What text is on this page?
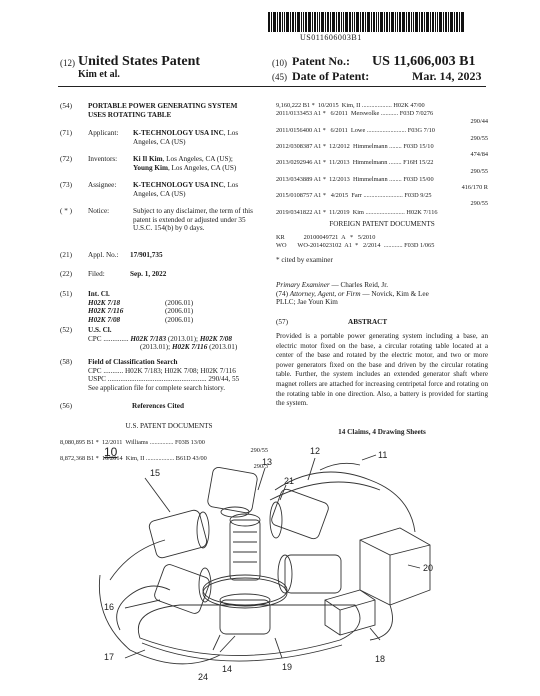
US011606003B1
(12) United States Patent
Kim et al.
(10) Patent No.: US 11,606,003 B1
(45) Date of Patent:	Mar. 14, 2023
(54)	PORTABLE POWER GENERATING SYSTEM
USES ROTATING TABLE
(71)	Applicant: K-TECHNOLOGY USA INC, Los
Angeles, CA (US)
(72)	Inventors: Ki Il Kim, Los Angeles, CA (US);
Young Kim, Los Angeles, CA (US)
(73)	Assignee: K-TECHNOLOGY USA INC, Los
Angeles, CA (US)
( * )	Notice:	Subject to any disclaimer, the term of this
patent is extended or adjusted under 35
U.S.C. 154(b) by 0 days.
(21)	Appl. No.: 17/901,735
(22)	Filed:	Sep. 1, 2022
(51)	Int. Cl.
H02K 7/18	(2006.01)
H02K 7/116	(2006.01)
H02K 7/08	(2006.01)
(52)	U.S. Cl.
CPC .............. H02K 7/183 (2013.01); H02K 7/08
(2013.01); H02K 7/116 (2013.01)
(58)	Field of Classification Search
CPC ........... H02K 7/183; H02K 7/08; H02K 7/116
USPC ....................................................... 290/44, 55
See application file for complete search history.
(56)	References Cited
U.S. PATENT DOCUMENTS
8,080,895 B1 *  12/2011  Williams ............... F03B 13/00
290/55
8,872,368 B1 *  10/2014  Kim, II .................. B61D 43/00
290/3
9,160,222 B1 *  10/2015  Kim, II ................... H02K 47/00
2011/0133453 A1 *   6/2011  Merswolke ........... F03D 7/0276
290/44
2011/0156400 A1 *   6/2011  Lowe ......................... F03G 7/10
290/55
2012/0308387 A1 *  12/2012  Himmelmann ........ F03D 15/10
474/84
2013/0292946 A1 *  11/2013  Himmelmann ........ F16H 15/22
290/55
2013/0343889 A1 *  12/2013  Himmelmann ........ F03D 15/00
416/170 R
2015/0108757 A1 *   4/2015  Farr ......................... F03D 9/25
290/55
2019/0341822 A1 *  11/2019  Kim ......................... H02K 7/116
FOREIGN PATENT DOCUMENTS
KR            20100049721  A   *   5/2010
WO       WO-2014023102  A1  *   2/2014  ............ F03D 1/065
* cited by examiner
Primary Examiner — Charles Reid, Jr.
(74) Attorney, Agent, or Firm — Novick, Kim & Lee
PLLC; Jae Youn Kim
(57)	ABSTRACT
Provided is a portable power generating system including a base, an electric motor fixed on the base, a circular rotating table located at a center of the base and rotated by the electric motor, and two or more power generators fixed on the base and driven by the circular rotating table. Further, the system includes an extended generator shaft where magnet rollers are attached for increasing centripetal force and rotating on the rotating table in one direction. Also, a battery is provided for starting the system.
14 Claims, 4 Drawing Sheets
10	11
12
13
14
15
16
17	18
19
20
21
24
